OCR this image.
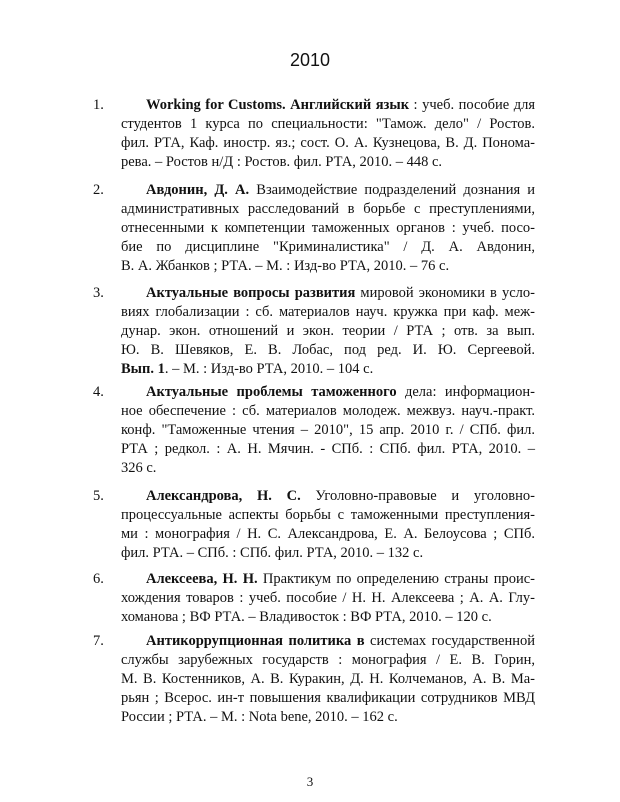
2010
1.	Working for Customs. Английский язык : учеб. пособие для
студентов 1 курса по специальности: "Тамож. дело" / Ростов.
фил. РТА, Каф. иностр. яз.; сост. О. А. Кузнецова, В. Д. Понома-
рева. – Ростов н/Д : Ростов. фил. РТА, 2010. – 448 с.
2.	Авдонин, Д. А. Взаимодействие подразделений дознания и
административных расследований в борьбе с преступлениями,
отнесенными к компетенции таможенных органов : учеб. посо-
бие по дисциплине "Криминалистика" / Д. А. Авдонин,
В. А. Жбанков ; РТА. – М. : Изд-во РТА, 2010. – 76 с.
3.	Актуальные вопросы развития мировой экономики в усло-
виях глобализации : сб. материалов науч. кружка при каф. меж-
дунар. экон. отношений и экон. теории / РТА ; отв. за вып.
Ю. В. Шевяков, Е. В. Лобас, под ред. И. Ю. Сергеевой.
Вып. 1. – М. : Изд-во РТА, 2010. – 104 с.
4.	Актуальные проблемы таможенного дела: информацион-
ное обеспечение : сб. материалов молодеж. межвуз. науч.-практ.
конф. "Таможенные чтения – 2010", 15 апр. 2010 г. / СПб. фил.
РТА ; редкол. : А. Н. Мячин. - СПб. : СПб. фил. РТА, 2010. –
326 с.
5.	Александрова, Н. С. Уголовно-правовые и уголовно-
процессуальные аспекты борьбы с таможенными преступления-
ми : монография / Н. С. Александрова, Е. А. Белоусова ; СПб.
фил. РТА. – СПб. : СПб. фил. РТА, 2010. – 132 с.
6.	Алексеева, Н. Н. Практикум по определению страны проис-
хождения товаров : учеб. пособие / Н. Н. Алексеева ; А. А. Глу-
хоманова ; ВФ РТА. – Владивосток : ВФ РТА, 2010. – 120 с.
7.	Антикоррупционная политика в системах государственной
службы зарубежных государств : монография / Е. В. Горин,
М. В. Костенников, А. В. Куракин, Д. Н. Колчеманов, А. В. Ма-
рьян ; Всерос. ин-т повышения квалификации сотрудников МВД
России ; РТА. – М. : Nota bene, 2010. – 162 с.
3
